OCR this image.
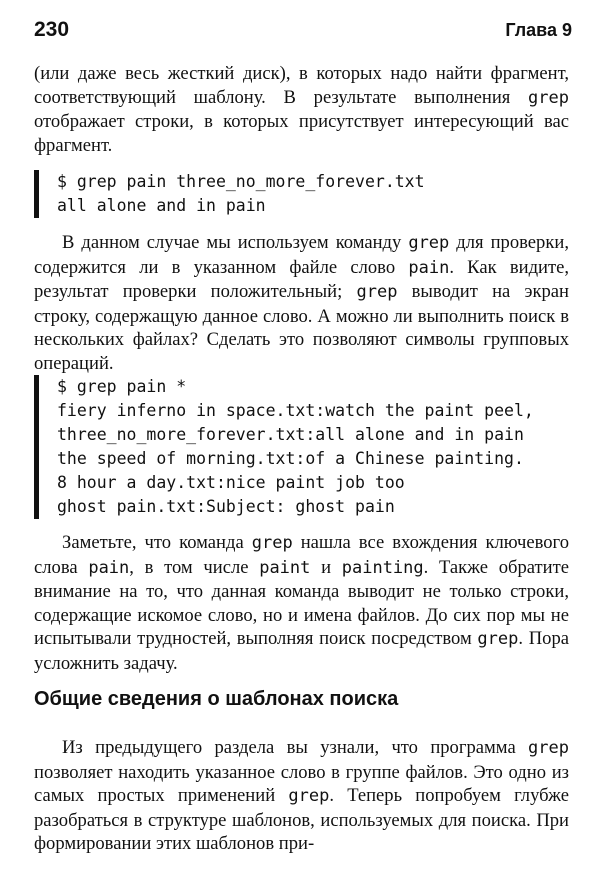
230	Глава 9
(или даже весь жесткий диск), в которых надо найти фрагмент, соответствующий шаблону. В результате выполнения grep отображает строки, в которых присутствует интересующий вас фрагмент.
$ grep pain three_no_more_forever.txt
all alone and in pain
В данном случае мы используем команду grep для проверки, содержится ли в указанном файле слово pain. Как видите, результат проверки положительный; grep выводит на экран строку, содержащую данное слово. А можно ли выполнить поиск в нескольких файлах? Сделать это позволяют символы групповых операций.
$ grep pain *
fiery inferno in space.txt:watch the paint peel,
three_no_more_forever.txt:all alone and in pain
the speed of morning.txt:of a Chinese painting.
8 hour a day.txt:nice paint job too
ghost pain.txt:Subject: ghost pain
Заметьте, что команда grep нашла все вхождения ключевого слова pain, в том числе paint и painting. Также обратите внимание на то, что данная команда выводит не только строки, содержащие искомое слово, но и имена файлов. До сих пор мы не испытывали трудностей, выполняя поиск посредством grep. Пора усложнить задачу.
Общие сведения о шаблонах поиска
Из предыдущего раздела вы узнали, что программа grep позволяет находить указанное слово в группе файлов. Это одно из самых простых применений grep. Теперь попробуем глубже разобраться в структуре шаблонов, используемых для поиска. При формировании этих шаблонов при-
